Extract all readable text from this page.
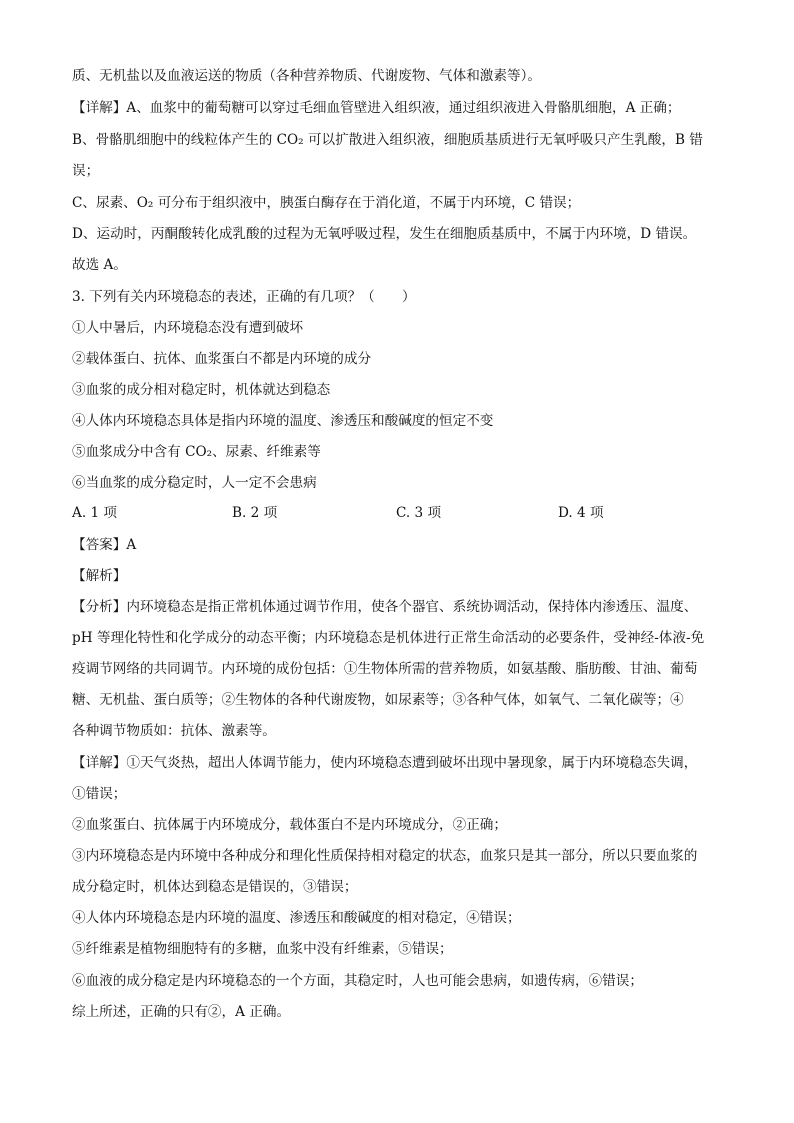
质、无机盐以及血液运送的物质（各种营养物质、代谢废物、气体和激素等）。
【详解】A、血浆中的葡萄糖可以穿过毛细血管壁进入组织液，通过组织液进入骨骼肌细胞，A 正确；
B、骨骼肌细胞中的线粒体产生的 CO₂ 可以扩散进入组织液，细胞质基质进行无氧呼吸只产生乳酸，B 错
误；
C、尿素、O₂ 可分布于组织液中，胰蛋白酶存在于消化道，不属于内环境，C 错误；
D、运动时，丙酮酸转化成乳酸的过程为无氧呼吸过程，发生在细胞质基质中，不属于内环境，D 错误。
故选 A。
3. 下列有关内环境稳态的表述，正确的有几项？（　　）
①人中暑后，内环境稳态没有遭到破坏
②载体蛋白、抗体、血浆蛋白不都是内环境的成分
③血浆的成分相对稳定时，机体就达到稳态
④人体内环境稳态具体是指内环境的温度、渗透压和酸碱度的恒定不变
⑤血浆成分中含有 CO₂、尿素、纤维素等
⑥当血浆的成分稳定时，人一定不会患病
A. 1 项	B. 2 项	C. 3 项	D. 4 项
【答案】A
【解析】
【分析】内环境稳态是指正常机体通过调节作用，使各个器官、系统协调活动，保持体内渗透压、温度、
pH 等理化特性和化学成分的动态平衡；内环境稳态是机体进行正常生命活动的必要条件，受神经-体液-免
疫调节网络的共同调节。内环境的成份包括：①生物体所需的营养物质，如氨基酸、脂肪酸、甘油、葡萄
糖、无机盐、蛋白质等；②生物体的各种代谢废物，如尿素等；③各种气体，如氧气、二氧化碳等；④
各种调节物质如：抗体、激素等。
【详解】①天气炎热，超出人体调节能力，使内环境稳态遭到破坏出现中暑现象，属于内环境稳态失调，
①错误；
②血浆蛋白、抗体属于内环境成分，载体蛋白不是内环境成分，②正确；
③内环境稳态是内环境中各种成分和理化性质保持相对稳定的状态，血浆只是其一部分，所以只要血浆的
成分稳定时，机体达到稳态是错误的，③错误；
④人体内环境稳态是内环境的温度、渗透压和酸碱度的相对稳定，④错误；
⑤纤维素是植物细胞特有的多糖，血浆中没有纤维素，⑤错误；
⑥血液的成分稳定是内环境稳态的一个方面，其稳定时，人也可能会患病，如遗传病，⑥错误；
综上所述，正确的只有②，A 正确。
